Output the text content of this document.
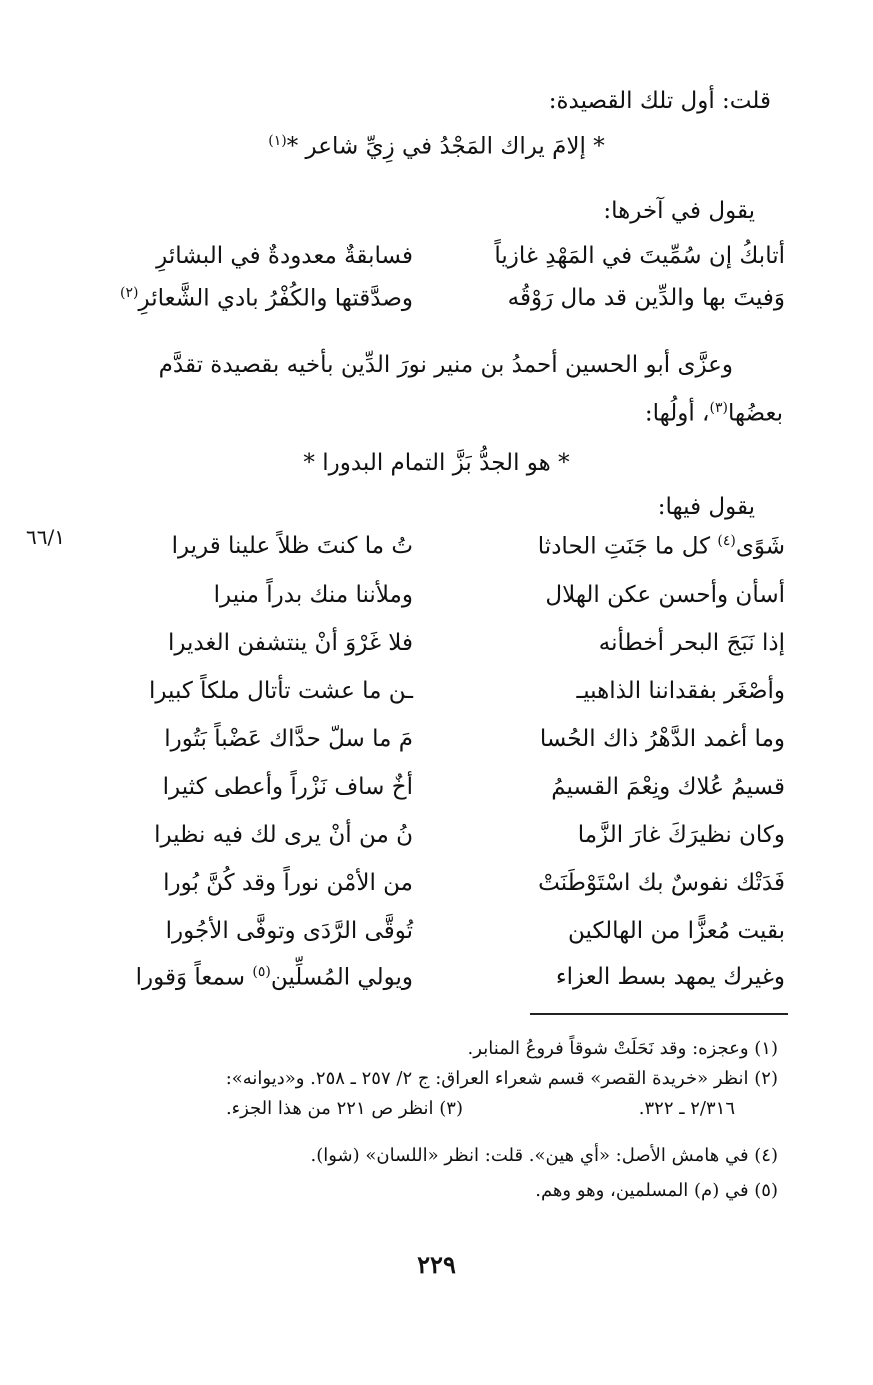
قلت: أول تلك القصيدة:
* إلامَ يراك المَجْدُ في زِيِّ شاعر *$^{(١)}$
يقول في آخرها:
أتابكُ إن سُمِّيتَ في المَهْدِ غازياً
فسابقةٌ معدودةٌ في البشائرِ
وَفيتَ بها والدِّين قد مال رَوْقُه
وصدَّقتها والكُفْرُ بادي الشَّعائرِ$^{(٢)}$
وعزَّى أبو الحسين أحمدُ بن منير نورَ الدِّين بأخيه بقصيدة تقدَّم
بعضُها$^{(٣)}$، أولُها:
* هو الجدُّ بَزَّ التمام البدورا *
يقول فيها:
٦٦/١	شَوًى$^{(٤)}$ كل ما جَنَتِ الحادثا
تُ ما كنتَ ظلاً علينا قريرا
أسأن وأحسن عكن الهلال
وملأننا منك بدراً منيرا
إذا نَبَجَ البحر أخطأنه
فلا غَرْوَ أنْ ينتشفن الغديرا
وأصْغَر بفقداننا الذاهبيـ
ـن ما عشت تأتال ملكاً كبيرا
وما أغمد الدَّهْرُ ذاك الحُسا
مَ ما سلّ حدَّاك عَضْباً بَتُورا
قسيمُ عُلاك ونِعْمَ القسيمُ
أخٌ ساف نَزْراً وأعطى كثيرا
وكان نظيرَكَ غارَ الزَّما
نُ من أنْ يرى لك فيه نظيرا
فَدَتْك نفوسٌ بك اسْتَوْطَنَتْ
من الأمْن نوراً وقد كُنَّ بُورا
بقيت مُعزًّا من الهالكين
تُوقَّى الرَّدَى وتوفَّى الأجُورا
وغيرك يمهد بسط العزاء
ويولي المُسلِّين$^{(٥)}$ سمعاً وَقورا
(١) وعجزه: وقد نَحَلَتْ شوقاً فروعُ المنابر.
(٢) انظر «خريدة القصر» قسم شعراء العراق: ج ٢/ ٢٥٧ ـ ٢٥٨. و«ديوانه»:
٢/٣١٦ ـ ٣٢٢.
(٣) انظر ص ٢٢١ من هذا الجزء.
(٤) في هامش الأصل: «أي هين». قلت: انظر «اللسان» (شوا).
(٥) في (م) المسلمين، وهو وهم.
٢٢٩
